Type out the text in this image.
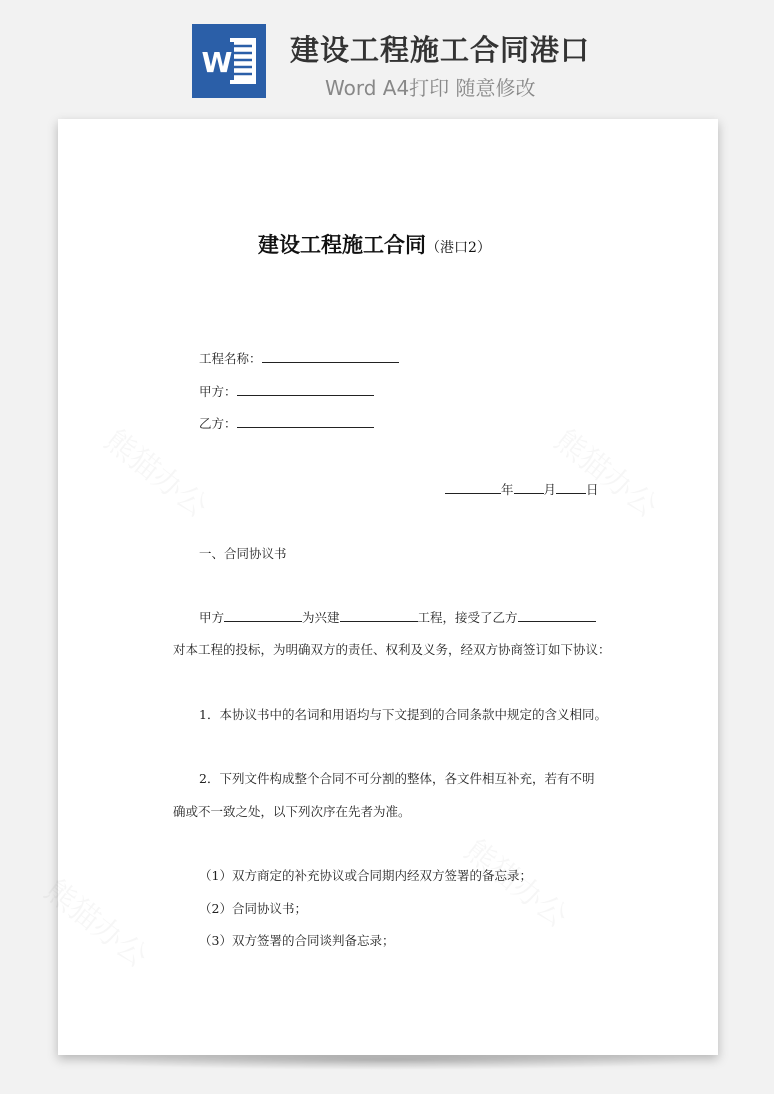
W 建设工程施工合同港口
Word A4打印 随意修改
建设工程施工合同（港口2）
工程名称：
甲方：
乙方：
年 月 日
一、合同协议书
甲方	为兴建	工程，接受了乙方
对本工程的投标，为明确双方的责任、权利及义务，经双方协商签订如下协议：
1．本协议书中的名词和用语均与下文提到的合同条款中规定的含义相同。
2．下列文件构成整个合同不可分割的整体，各文件相互补充，若有不明
确或不一致之处，以下列次序在先者为准。
（1）双方商定的补充协议或合同期内经双方签署的备忘录；
（2）合同协议书；
（3）双方签署的合同谈判备忘录；
